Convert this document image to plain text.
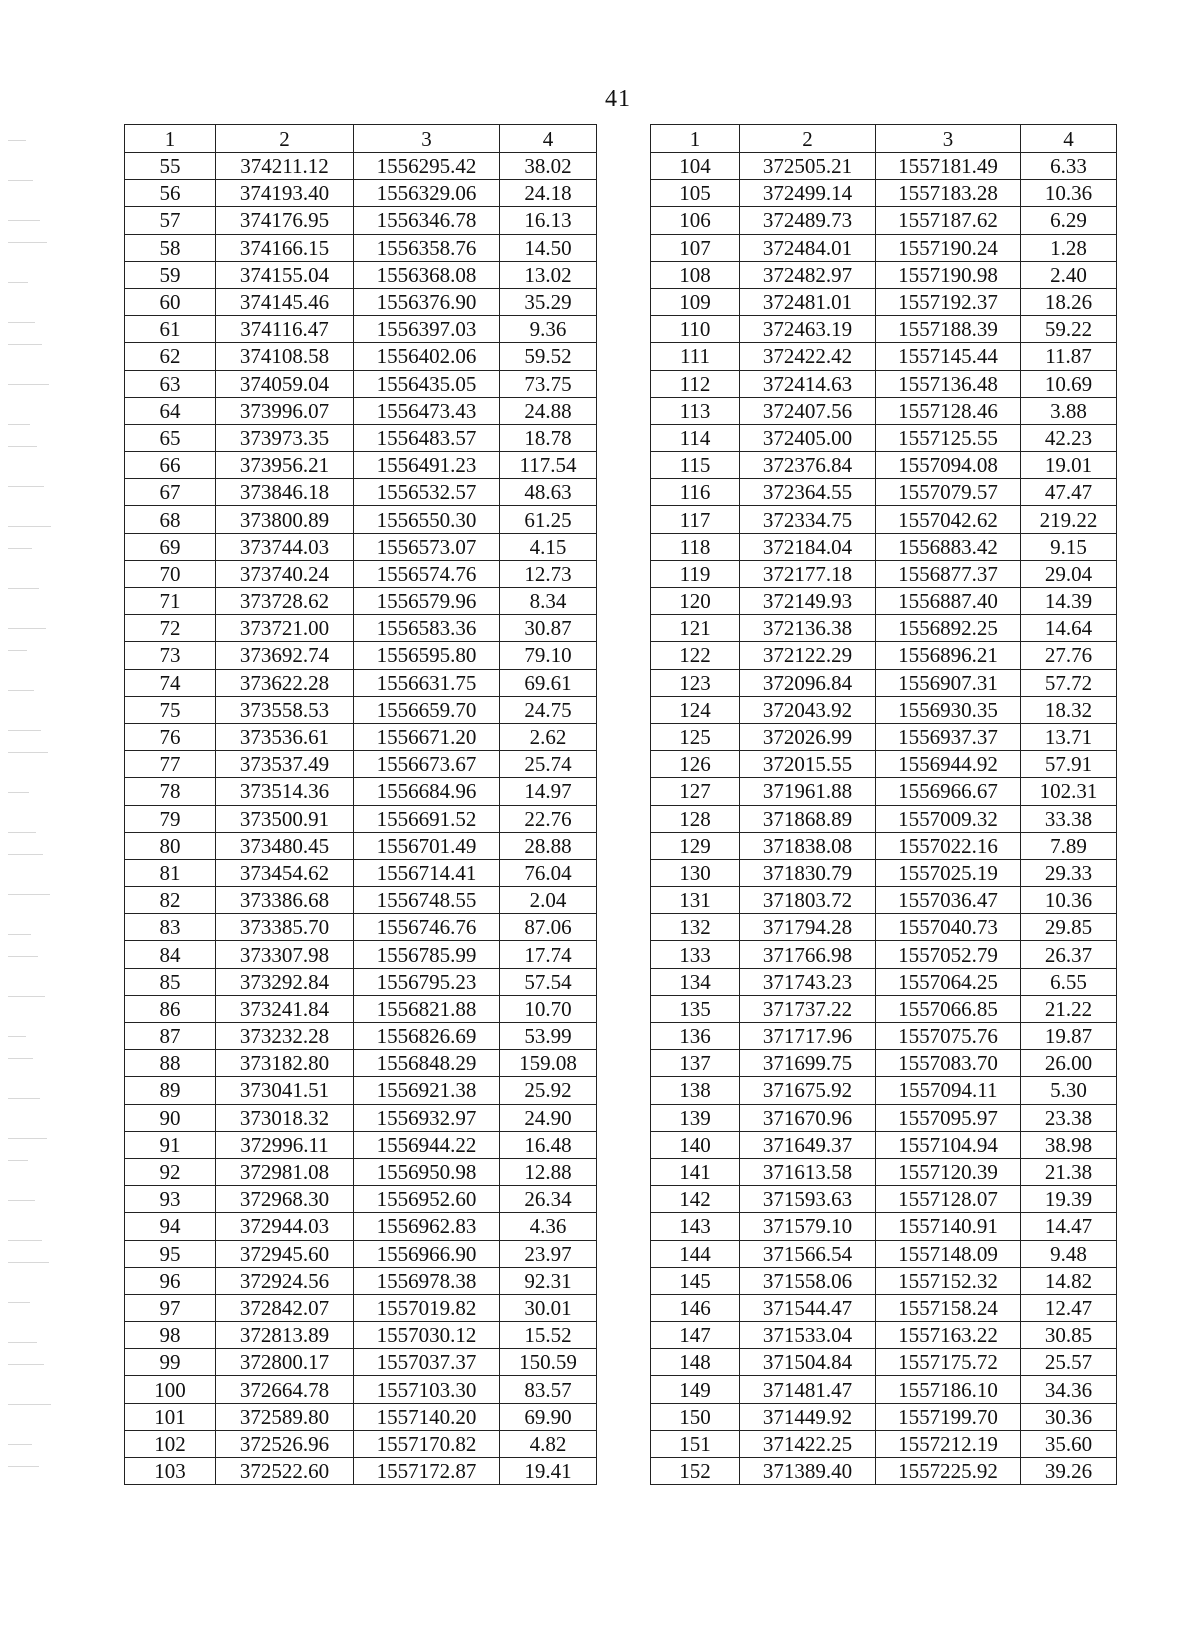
41
1	2	3	4
55	374211.12	1556295.42	38.02
56	374193.40	1556329.06	24.18
57	374176.95	1556346.78	16.13
58	374166.15	1556358.76	14.50
59	374155.04	1556368.08	13.02
60	374145.46	1556376.90	35.29
61	374116.47	1556397.03	9.36
62	374108.58	1556402.06	59.52
63	374059.04	1556435.05	73.75
64	373996.07	1556473.43	24.88
65	373973.35	1556483.57	18.78
66	373956.21	1556491.23	117.54
67	373846.18	1556532.57	48.63
68	373800.89	1556550.30	61.25
69	373744.03	1556573.07	4.15
70	373740.24	1556574.76	12.73
71	373728.62	1556579.96	8.34
72	373721.00	1556583.36	30.87
73	373692.74	1556595.80	79.10
74	373622.28	1556631.75	69.61
75	373558.53	1556659.70	24.75
76	373536.61	1556671.20	2.62
77	373537.49	1556673.67	25.74
78	373514.36	1556684.96	14.97
79	373500.91	1556691.52	22.76
80	373480.45	1556701.49	28.88
81	373454.62	1556714.41	76.04
82	373386.68	1556748.55	2.04
83	373385.70	1556746.76	87.06
84	373307.98	1556785.99	17.74
85	373292.84	1556795.23	57.54
86	373241.84	1556821.88	10.70
87	373232.28	1556826.69	53.99
88	373182.80	1556848.29	159.08
89	373041.51	1556921.38	25.92
90	373018.32	1556932.97	24.90
91	372996.11	1556944.22	16.48
92	372981.08	1556950.98	12.88
93	372968.30	1556952.60	26.34
94	372944.03	1556962.83	4.36
95	372945.60	1556966.90	23.97
96	372924.56	1556978.38	92.31
97	372842.07	1557019.82	30.01
98	372813.89	1557030.12	15.52
99	372800.17	1557037.37	150.59
100	372664.78	1557103.30	83.57
101	372589.80	1557140.20	69.90
102	372526.96	1557170.82	4.82
103	372522.60	1557172.87	19.41
1	2	3	4
104	372505.21	1557181.49	6.33
105	372499.14	1557183.28	10.36
106	372489.73	1557187.62	6.29
107	372484.01	1557190.24	1.28
108	372482.97	1557190.98	2.40
109	372481.01	1557192.37	18.26
110	372463.19	1557188.39	59.22
111	372422.42	1557145.44	11.87
112	372414.63	1557136.48	10.69
113	372407.56	1557128.46	3.88
114	372405.00	1557125.55	42.23
115	372376.84	1557094.08	19.01
116	372364.55	1557079.57	47.47
117	372334.75	1557042.62	219.22
118	372184.04	1556883.42	9.15
119	372177.18	1556877.37	29.04
120	372149.93	1556887.40	14.39
121	372136.38	1556892.25	14.64
122	372122.29	1556896.21	27.76
123	372096.84	1556907.31	57.72
124	372043.92	1556930.35	18.32
125	372026.99	1556937.37	13.71
126	372015.55	1556944.92	57.91
127	371961.88	1556966.67	102.31
128	371868.89	1557009.32	33.38
129	371838.08	1557022.16	7.89
130	371830.79	1557025.19	29.33
131	371803.72	1557036.47	10.36
132	371794.28	1557040.73	29.85
133	371766.98	1557052.79	26.37
134	371743.23	1557064.25	6.55
135	371737.22	1557066.85	21.22
136	371717.96	1557075.76	19.87
137	371699.75	1557083.70	26.00
138	371675.92	1557094.11	5.30
139	371670.96	1557095.97	23.38
140	371649.37	1557104.94	38.98
141	371613.58	1557120.39	21.38
142	371593.63	1557128.07	19.39
143	371579.10	1557140.91	14.47
144	371566.54	1557148.09	9.48
145	371558.06	1557152.32	14.82
146	371544.47	1557158.24	12.47
147	371533.04	1557163.22	30.85
148	371504.84	1557175.72	25.57
149	371481.47	1557186.10	34.36
150	371449.92	1557199.70	30.36
151	371422.25	1557212.19	35.60
152	371389.40	1557225.92	39.26
